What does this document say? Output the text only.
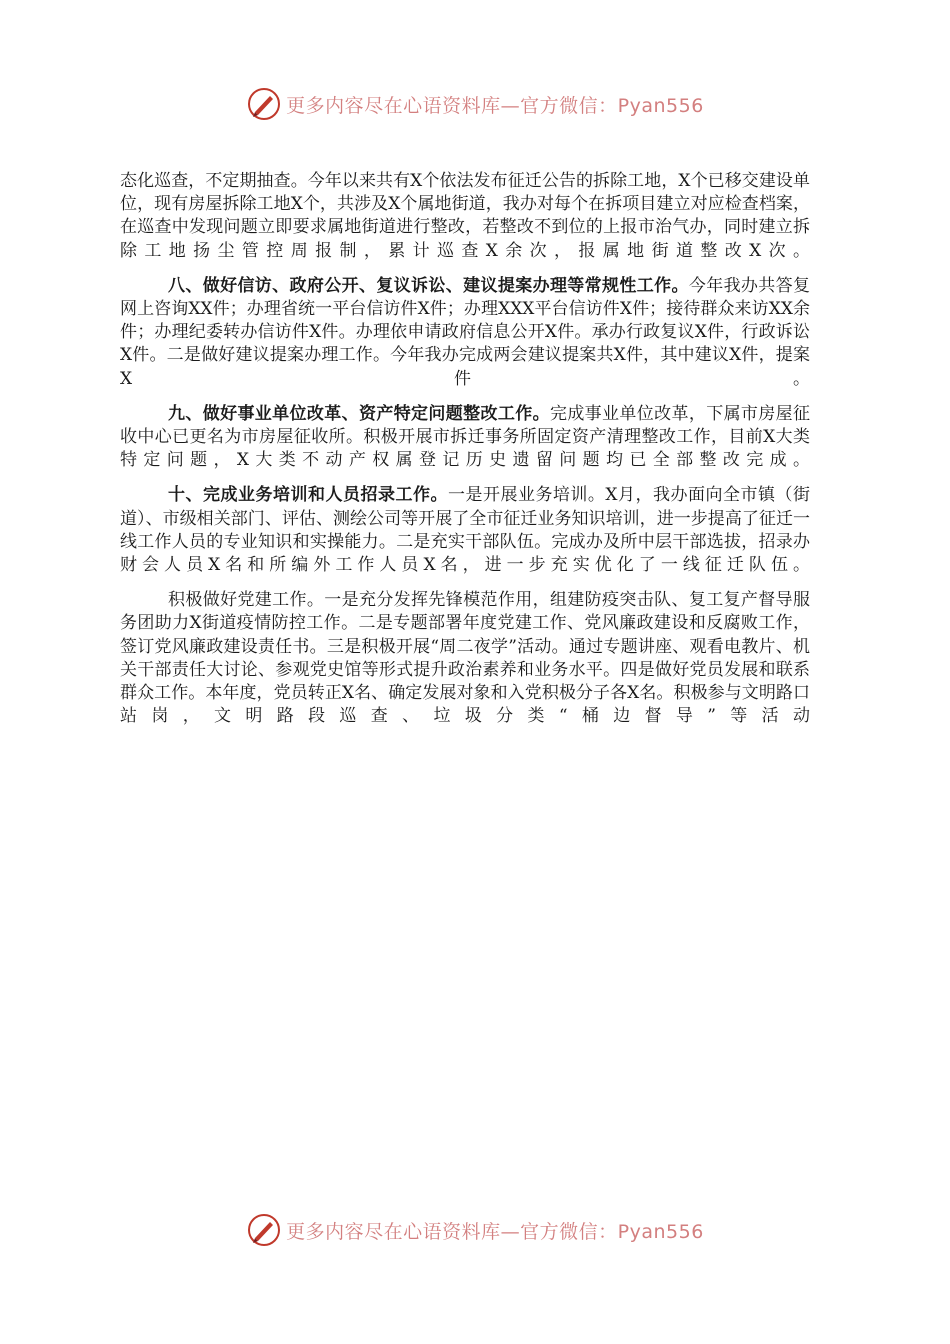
更多内容尽在心语资料库—官方微信：Pyan556

态化巡查，不定期抽查。今年以来共有X个依法发布征迁公告的拆除工地，X个已移交建设单位，现有房屋拆除工地X个，共涉及X个属地街道，我办对每个在拆项目建立对应检查档案，在巡查中发现问题立即要求属地街道进行整改，若整改不到位的上报市治气办，同时建立拆除工地扬尘管控周报制，累计巡查X余次，报属地街道整改X次。

八、做好信访、政府公开、复议诉讼、建议提案办理等常规性工作。今年我办共答复网上咨询XX件；办理省统一平台信访件X件；办理XXX平台信访件X件；接待群众来访XX余件；办理纪委转办信访件X件。办理依申请政府信息公开X件。承办行政复议X件，行政诉讼X件。二是做好建议提案办理工作。今年我办完成两会建议提案共X件，其中建议X件，提案X件。

九、做好事业单位改革、资产特定问题整改工作。完成事业单位改革，下属市房屋征收中心已更名为市房屋征收所。积极开展市拆迁事务所固定资产清理整改工作，目前X大类特定问题，X大类不动产权属登记历史遗留问题均已全部整改完成。

十、完成业务培训和人员招录工作。一是开展业务培训。X月，我办面向全市镇（街道）、市级相关部门、评估、测绘公司等开展了全市征迁业务知识培训，进一步提高了征迁一线工作人员的专业知识和实操能力。二是充实干部队伍。完成办及所中层干部选拔，招录办财会人员X名和所编外工作人员X名，进一步充实优化了一线征迁队伍。

积极做好党建工作。一是充分发挥先锋模范作用，组建防疫突击队、复工复产督导服务团助力X街道疫情防控工作。二是专题部署年度党建工作、党风廉政建设和反腐败工作，签订党风廉政建设责任书。三是积极开展“周二夜学”活动。通过专题讲座、观看电教片、机关干部责任大讨论、参观党史馆等形式提升政治素养和业务水平。四是做好党员发展和联系群众工作。本年度，党员转正X名、确定发展对象和入党积极分子各X名。积极参与文明路口站岗，文明路段巡查、垃圾分类“桶边督导”等活动

更多内容尽在心语资料库—官方微信：Pyan556
